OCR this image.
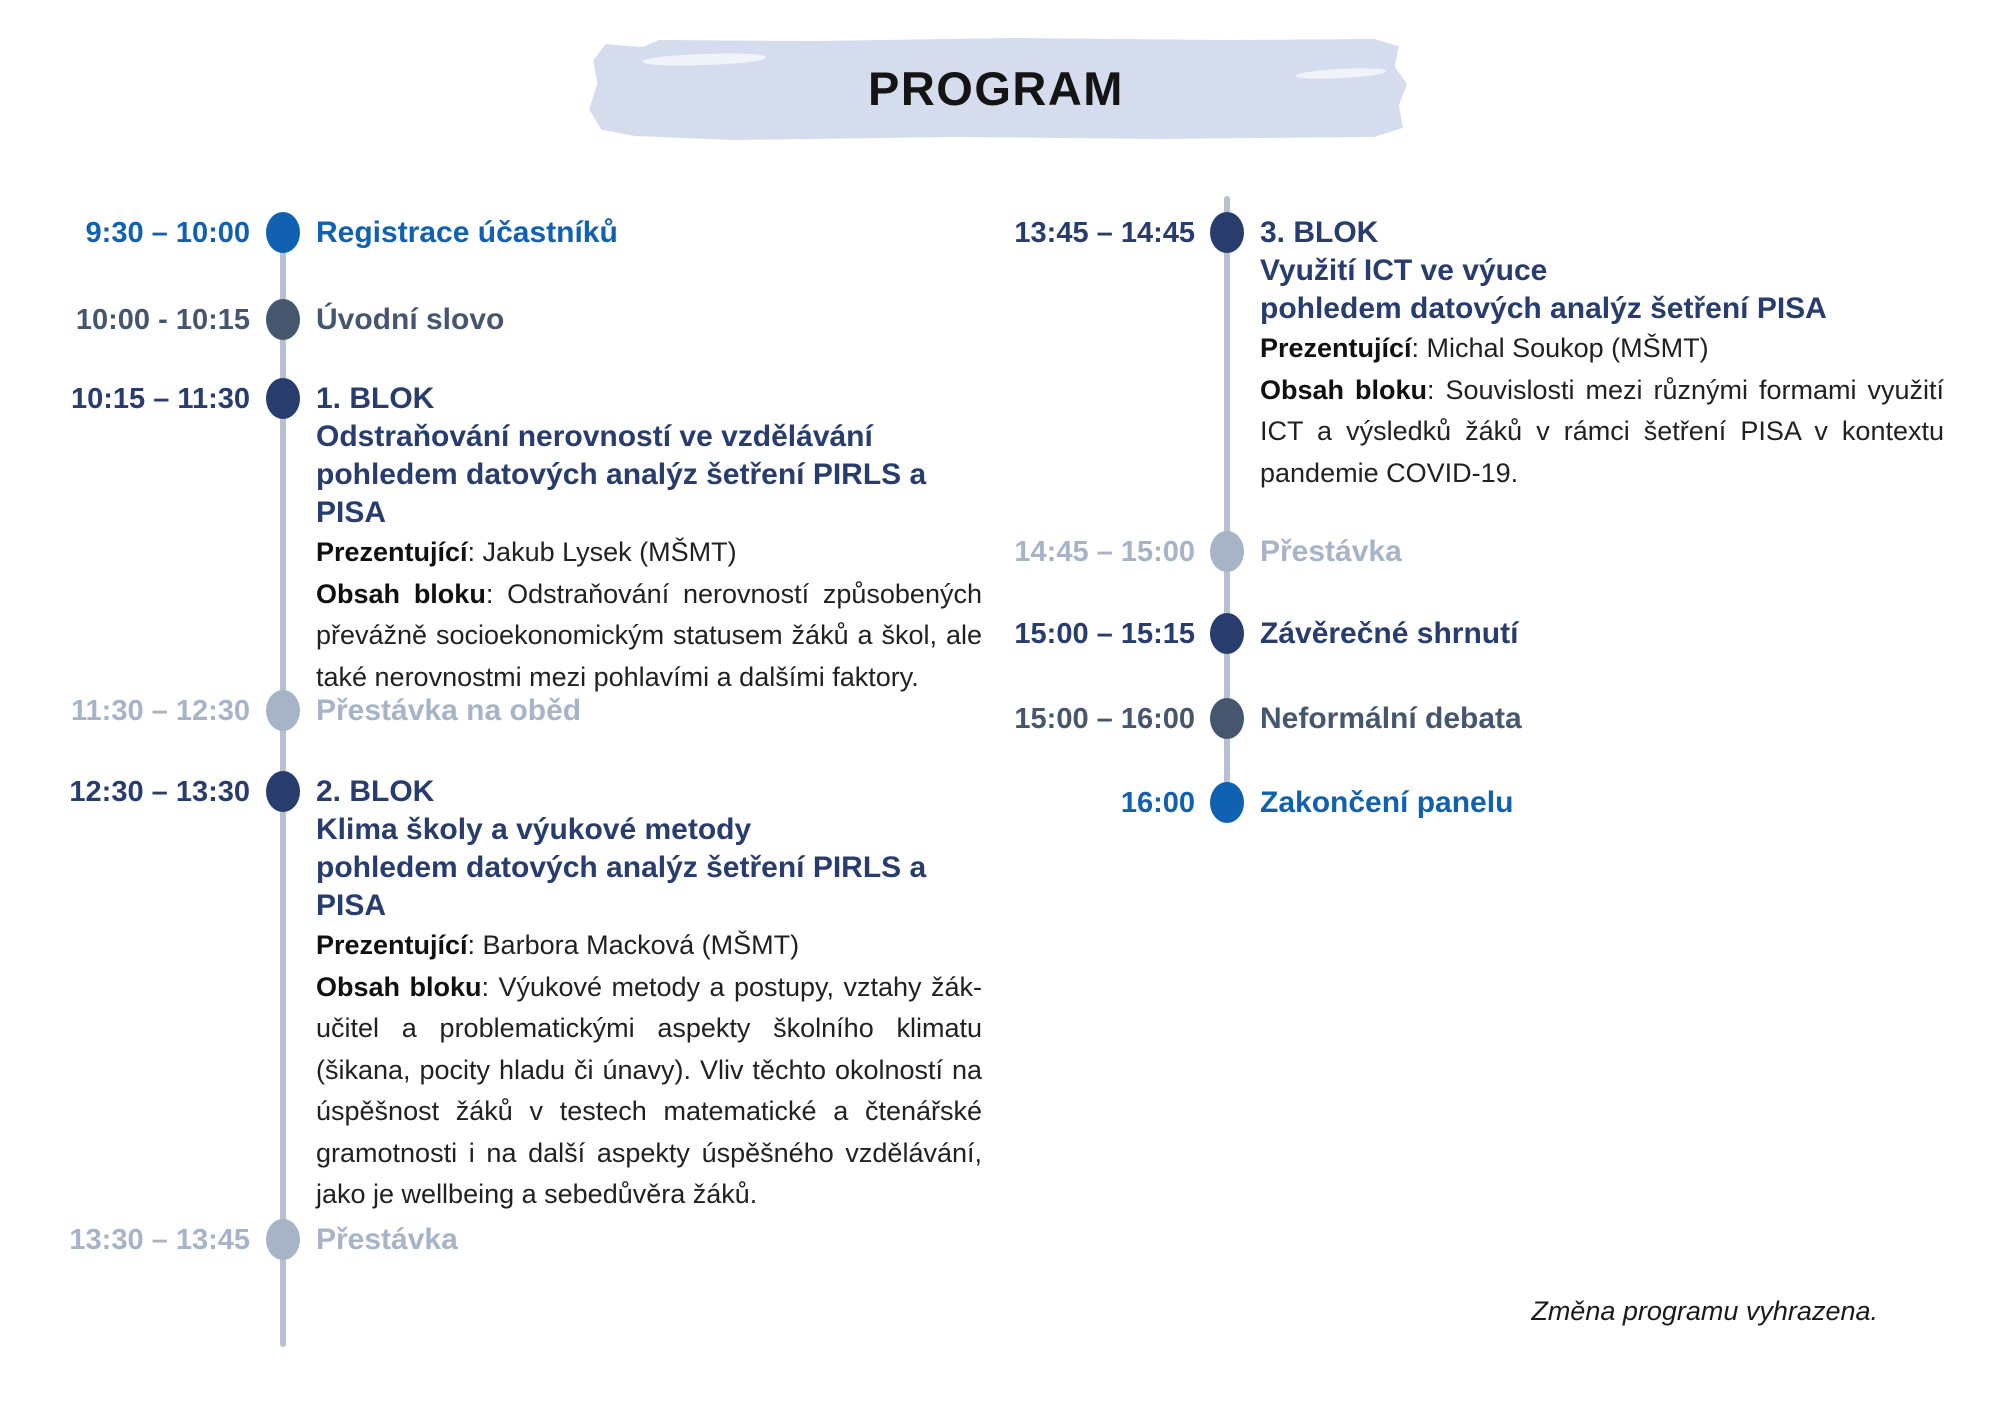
PROGRAM
9:30 – 10:00 Registrace účastníků
10:00 - 10:15 Úvodní slovo
10:15 – 11:30 1. BLOK
Odstraňování nerovností ve vzdělávání
pohledem datových analýz šetření PIRLS a PISA

Prezentující: Jakub Lysek (MŠMT)

Obsah bloku: Odstraňování nerovností způsobených převážně socioekonomickým statusem žáků a škol, ale také nerovnostmi mezi pohlavími a dalšími faktory.

11:30 – 12:30 Přestávka na oběd
12:30 – 13:30 2. BLOK
Klima školy a výukové metody
pohledem datových analýz šetření PIRLS a PISA

Prezentující: Barbora Macková (MŠMT)

Obsah bloku: Výukové metody a postupy, vztahy žák-učitel a problematickými aspekty školního klimatu (šikana, pocity hladu či únavy). Vliv těchto okolností na úspěšnost žáků v testech matematické a čtenářské gramotnosti i na další aspekty úspěšného vzdělávání, jako je wellbeing a sebedůvěra žáků.

13:30 – 13:45 Přestávka
13:45 – 14:45 3. BLOK
Využití ICT ve výuce
pohledem datových analýz šetření PISA

Prezentující: Michal Soukop (MŠMT)

Obsah bloku: Souvislosti mezi různými formami využití ICT a výsledků žáků v rámci šetření PISA v kontextu pandemie COVID-19.

14:45 – 15:00 Přestávka
15:00 – 15:15 Závěrečné shrnutí
15:00 – 16:00 Neformální debata
16:00 Zakončení panelu
Změna programu vyhrazena.
